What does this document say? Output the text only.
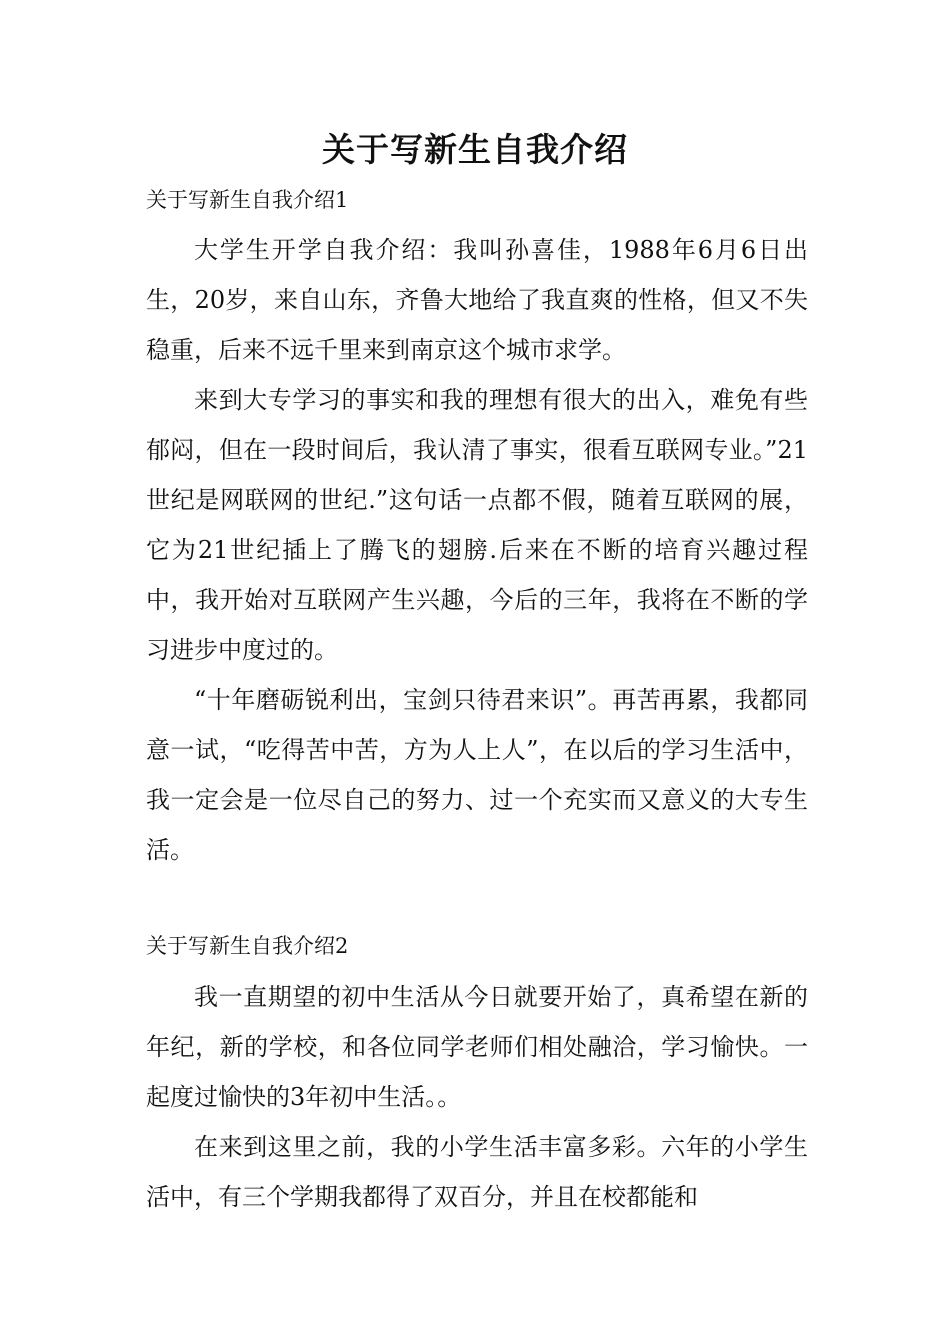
关于写新生自我介绍

关于写新生自我介绍1

大学生开学自我介绍：我叫孙喜佳，1988年6月6日出生，20岁，来自山东，齐鲁大地给了我直爽的性格，但又不失稳重，后来不远千里来到南京这个城市求学。

来到大专学习的事实和我的理想有很大的出入，难免有些郁闷，但在一段时间后，我认清了事实，很看互联网专业。”21世纪是网联网的世纪.”这句话一点都不假，随着互联网的展，它为21世纪插上了腾飞的翅膀.后来在不断的培育兴趣过程中，我开始对互联网产生兴趣，今后的三年，我将在不断的学习进步中度过的。

“十年磨砺锐利出，宝剑只待君来识”。再苦再累，我都同意一试，“吃得苦中苦，方为人上人”，在以后的学习生活中，我一定会是一位尽自己的努力、过一个充实而又意义的大专生活。

关于写新生自我介绍2

我一直期望的初中生活从今日就要开始了，真希望在新的年纪，新的学校，和各位同学老师们相处融洽，学习愉快。一起度过愉快的3年初中生活。。

在来到这里之前，我的小学生活丰富多彩。六年的小学生活中，有三个学期我都得了双百分，并且在校都能和
